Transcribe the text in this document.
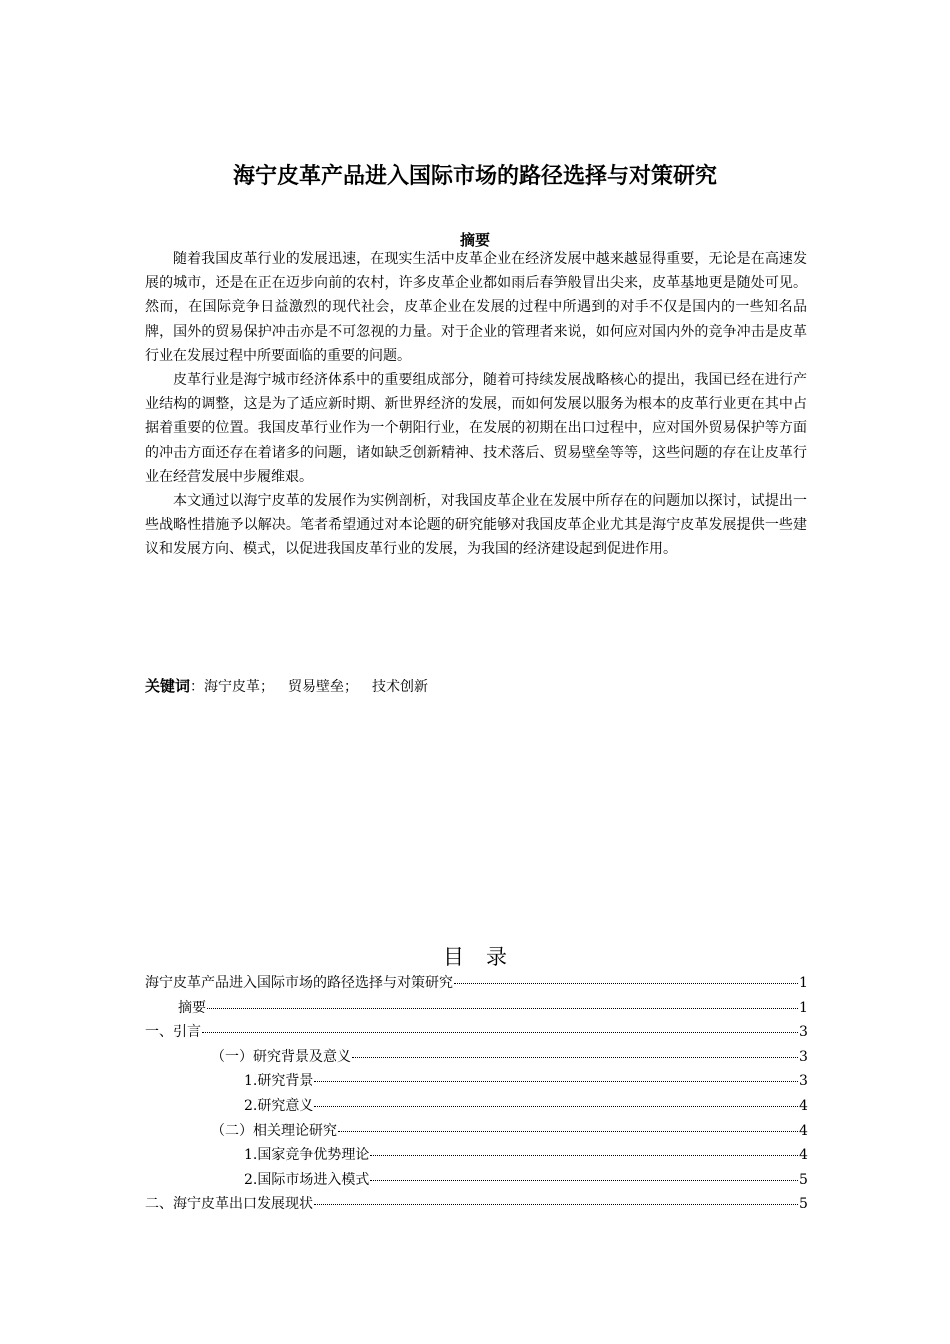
海宁皮革产品进入国际市场的路径选择与对策研究
摘要

随着我国皮革行业的发展迅速，在现实生活中皮革企业在经济发展中越来越显得重要，无论是在高速发展的城市，还是在正在迈步向前的农村，许多皮革企业都如雨后春笋般冒出尖来，皮革基地更是随处可见。然而，在国际竞争日益激烈的现代社会，皮革企业在发展的过程中所遇到的对手不仅是国内的一些知名品牌，国外的贸易保护冲击亦是不可忽视的力量。对于企业的管理者来说，如何应对国内外的竞争冲击是皮革行业在发展过程中所要面临的重要的问题。

皮革行业是海宁城市经济体系中的重要组成部分，随着可持续发展战略核心的提出，我国已经在进行产业结构的调整，这是为了适应新时期、新世界经济的发展，而如何发展以服务为根本的皮革行业更在其中占据着重要的位置。我国皮革行业作为一个朝阳行业，在发展的初期在出口过程中，应对国外贸易保护等方面的冲击方面还存在着诸多的问题，诸如缺乏创新精神、技术落后、贸易壁垒等等，这些问题的存在让皮革行业在经营发展中步履维艰。

本文通过以海宁皮革的发展作为实例剖析，对我国皮革企业在发展中所存在的问题加以探讨，试提出一些战略性措施予以解决。笔者希望通过对本论题的研究能够对我国皮革企业尤其是海宁皮革发展提供一些建议和发展方向、模式，以促进我国皮革行业的发展，为我国的经济建设起到促进作用。

关键词：海宁皮革； 贸易壁垒； 技术创新
目录
海宁皮革产品进入国际市场的路径选择与对策研究	1
摘要	1
一、引言	3
（一）研究背景及意义	3
1.研究背景	3
2.研究意义	4
（二）相关理论研究	4
1.国家竞争优势理论	4
2.国际市场进入模式	5
二、海宁皮革出口发展现状	5
